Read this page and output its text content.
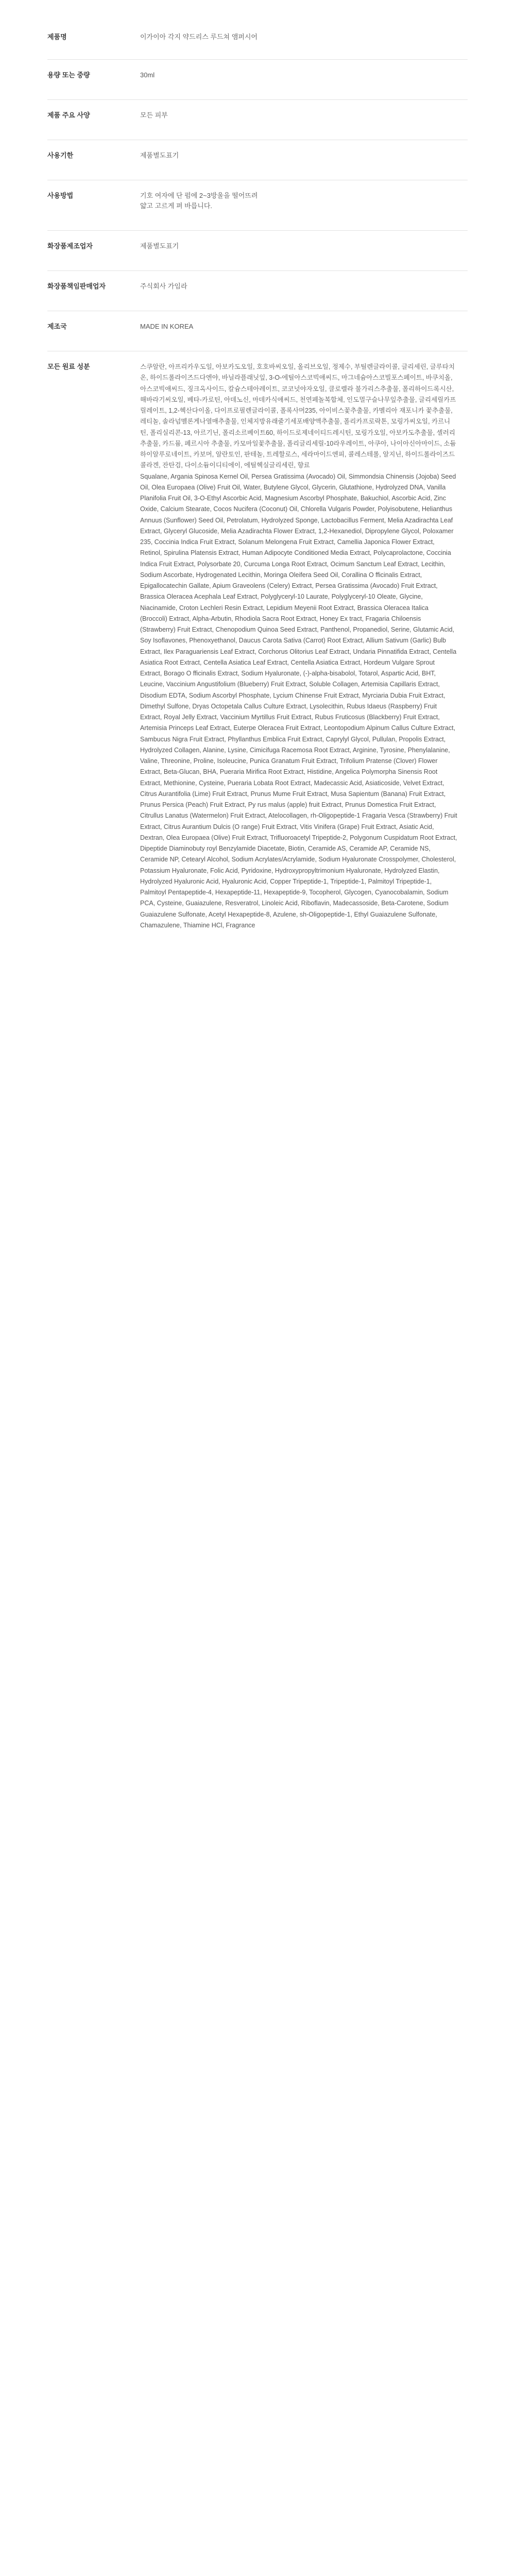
제품명	이가이아 각지 약드리스 루드쳐 앰퍼시어
용량 또는 중량	30ml
제품 주요 사양	모든 피부
사용기한	제품별도표기
사용방법	기호 여자에 단 펌에 2~3방울을 떨어뜨려

얇고 고르게 펴 바릅니다.

화장품제조업자	제품별도표기
화장품책임판매업자	주식회사 가임라
제조국	MADE IN KOREA
모든 원료 성분	스쿠알란, 아프리카우도일, 아보카도오일, 호호바씨오일, 올리브오일, 정제수, 부틸렌글라이콜, 글리세린, 글루타치온, 하이드롤라이즈드다엔야, 바닐라플래닛잎, 3-O-에틸아스코빅애씨드, 마그네슘아스코빌포스페이트, 바쿠치올, 아스코빅애씨드, 징크옥사이드, 칼슘스테아레이트, 코코넛야자오일, 클로렐라 불가리스추출물, 폴리하이드록시산, 해바라기씨오일, 베타-카로틴, 아데노신, 마데카식애씨드, 천연페놀복합체, 인도멀구슬나무잎추출물, 글리세릴카프릴레이트, 1,2-헥산다이올, 다이프로필렌글라이콜, 폴록사머235, 아이비스꽃추출물, 카멜리아 재포니카 꽃추출물, 레티놀, 솔라넘멜론게나열매추출물, 인체지방유래줄기세포배양액추출물, 폴리카프로락톤, 모링가씨오일, 카르니틴, 폴리실리콘-13, 아르기닌, 폴리소르베이트60, 하이드로제네이티드레시틴, 모링가오일, 아보카도추출물, 셀러리추출물, 카드뮴, 페르시아 추출물, 카모마일꽃추출물, 폴리글리세릴-10라우레이트, 아쿠아, 나이아신아마이드, 소듐하이알루로네이트, 카보머, 알란토인, 판테놀, 트레할로스, 세라마이드엔피, 콜레스테롤, 알지닌, 하이드롤라이즈드콜라겐, 잔탄검, 다이소듐이디티에이, 에틸헥실글리세린, 향료

Squalane, Argania Spinosa Kernel Oil, Persea Gratissima (Avocado) Oil, Simmondsia Chinensis (Jojoba) Seed Oil, Olea Europaea (Olive) Fruit Oil, Water, Butylene Glycol, Glycerin, Glutathione, Hydrolyzed DNA, Vanilla Planifolia Fruit Oil, 3-O-Ethyl Ascorbic Acid, Magnesium Ascorbyl Phosphate, Bakuchiol, Ascorbic Acid, Zinc Oxide, Calcium Stearate, Cocos Nucifera (Coconut) Oil, Chlorella Vulgaris Powder, Polyisobutene, Helianthus Annuus (Sunflower) Seed Oil, Petrolatum, Hydrolyzed Sponge, Lactobacillus Ferment, Melia Azadirachta Leaf Extract, Glyceryl Glucoside, Melia Azadirachta Flower Extract, 1,2-Hexanediol, Dipropylene Glycol, Poloxamer 235, Coccinia Indica Fruit Extract, Solanum Melongena Fruit Extract, Camellia Japonica Flower Extract, Retinol, Spirulina Platensis Extract, Human Adipocyte Conditioned Media Extract, Polycaprolactone, Coccinia Indica Fruit Extract, Polysorbate 20, Curcuma Longa Root Extract, Ocimum Sanctum Leaf Extract, Lecithin, Sodium Ascorbate, Hydrogenated Lecithin, Moringa Oleifera Seed Oil, Corallina O fficinalis Extract, Epigallocatechin Gallate, Apium Graveolens (Celery) Extract, Persea Gratissima (Avocado) Fruit Extract, Brassica Oleracea Acephala Leaf Extract, Polyglyceryl-10 Laurate, Polyglyceryl-10 Oleate, Glycine, Niacinamide, Croton Lechleri Resin Extract, Lepidium Meyenii Root Extract, Brassica Oleracea Italica (Broccoli) Extract, Alpha-Arbutin, Rhodiola Sacra Root Extract, Honey Ex tract, Fragaria Chiloensis (Strawberry) Fruit Extract, Chenopodium Quinoa Seed Extract, Panthenol, Propanediol, Serine, Glutamic Acid, Soy Isoflavones, Phenoxyethanol, Daucus Carota Sativa (Carrot) Root Extract, Allium Sativum (Garlic) Bulb Extract, Ilex Paraguariensis Leaf Extract, Corchorus Olitorius Leaf Extract, Undaria Pinnatifida Extract, Centella Asiatica Root Extract, Centella Asiatica Leaf Extract, Centella Asiatica Extract, Hordeum Vulgare Sprout Extract, Borago O fficinalis Extract, Sodium Hyaluronate, (-)-alpha-bisabolol, Totarol, Aspartic Acid, BHT, Leucine, Vaccinium Angustifolium (Blueberry) Fruit Extract, Soluble Collagen, Artemisia Capillaris Extract, Disodium EDTA, Sodium Ascorbyl Phosphate, Lycium Chinense Fruit Extract, Myrciaria Dubia Fruit Extract, Dimethyl Sulfone, Dryas Octopetala Callus Culture Extract, Lysolecithin, Rubus Idaeus (Raspberry) Fruit Extract, Royal Jelly Extract, Vaccinium Myrtillus Fruit Extract, Rubus Fruticosus (Blackberry) Fruit Extract, Artemisia Princeps Leaf Extract, Euterpe Oleracea Fruit Extract, Leontopodium Alpinum Callus Culture Extract, Sambucus Nigra Fruit Extract, Phyllanthus Emblica Fruit Extract, Caprylyl Glycol, Pullulan, Propolis Extract, Hydrolyzed Collagen, Alanine, Lysine, Cimicifuga Racemosa Root Extract, Arginine, Tyrosine, Phenylalanine, Valine, Threonine, Proline, Isoleucine, Punica Granatum Fruit Extract, Trifolium Pratense (Clover) Flower Extract, Beta-Glucan, BHA, Pueraria Mirifica Root Extract, Histidine, Angelica Polymorpha Sinensis Root Extract, Methionine, Cysteine, Pueraria Lobata Root Extract, Madecassic Acid, Asiaticoside, Velvet Extract, Citrus Aurantifolia (Lime) Fruit Extract, Prunus Mume Fruit Extract, Musa Sapientum (Banana) Fruit Extract, Prunus Persica (Peach) Fruit Extract, Py rus malus (apple) fruit Extract, Prunus Domestica Fruit Extract, Citrullus Lanatus (Watermelon) Fruit Extract, Atelocollagen, rh-Oligopeptide-1 Fragaria Vesca (Strawberry) Fruit Extract, Citrus Aurantium Dulcis (O range) Fruit Extract, Vitis Vinifera (Grape) Fruit Extract, Asiatic Acid, Dextran, Olea Europaea (Olive) Fruit Extract, Trifluoroacetyl Tripeptide-2, Polygonum Cuspidatum Root Extract, Dipeptide Diaminobuty royl Benzylamide Diacetate, Biotin, Ceramide AS, Ceramide AP, Ceramide NS, Ceramide NP, Cetearyl Alcohol, Sodium Acrylates/Acrylamide, Sodium Hyaluronate Crosspolymer, Cholesterol, Potassium Hyaluronate, Folic Acid, Pyridoxine, Hydroxypropyltrimonium Hyaluronate, Hydrolyzed Elastin, Hydrolyzed Hyaluronic Acid, Hyaluronic Acid, Copper Tripeptide-1, Tripeptide-1, Palmitoyl Tripeptide-1, Palmitoyl Pentapeptide-4, Hexapeptide-11, Hexapeptide-9, Tocopherol, Glycogen, Cyanocobalamin, Sodium PCA, Cysteine, Guaiazulene, Resveratrol, Linoleic Acid, Riboflavin, Madecassoside, Beta-Carotene, Sodium Guaiazulene Sulfonate, Acetyl Hexapeptide-8, Azulene, sh-Oligopeptide-1, Ethyl Guaiazulene Sulfonate, Chamazulene, Thiamine HCl, Fragrance
